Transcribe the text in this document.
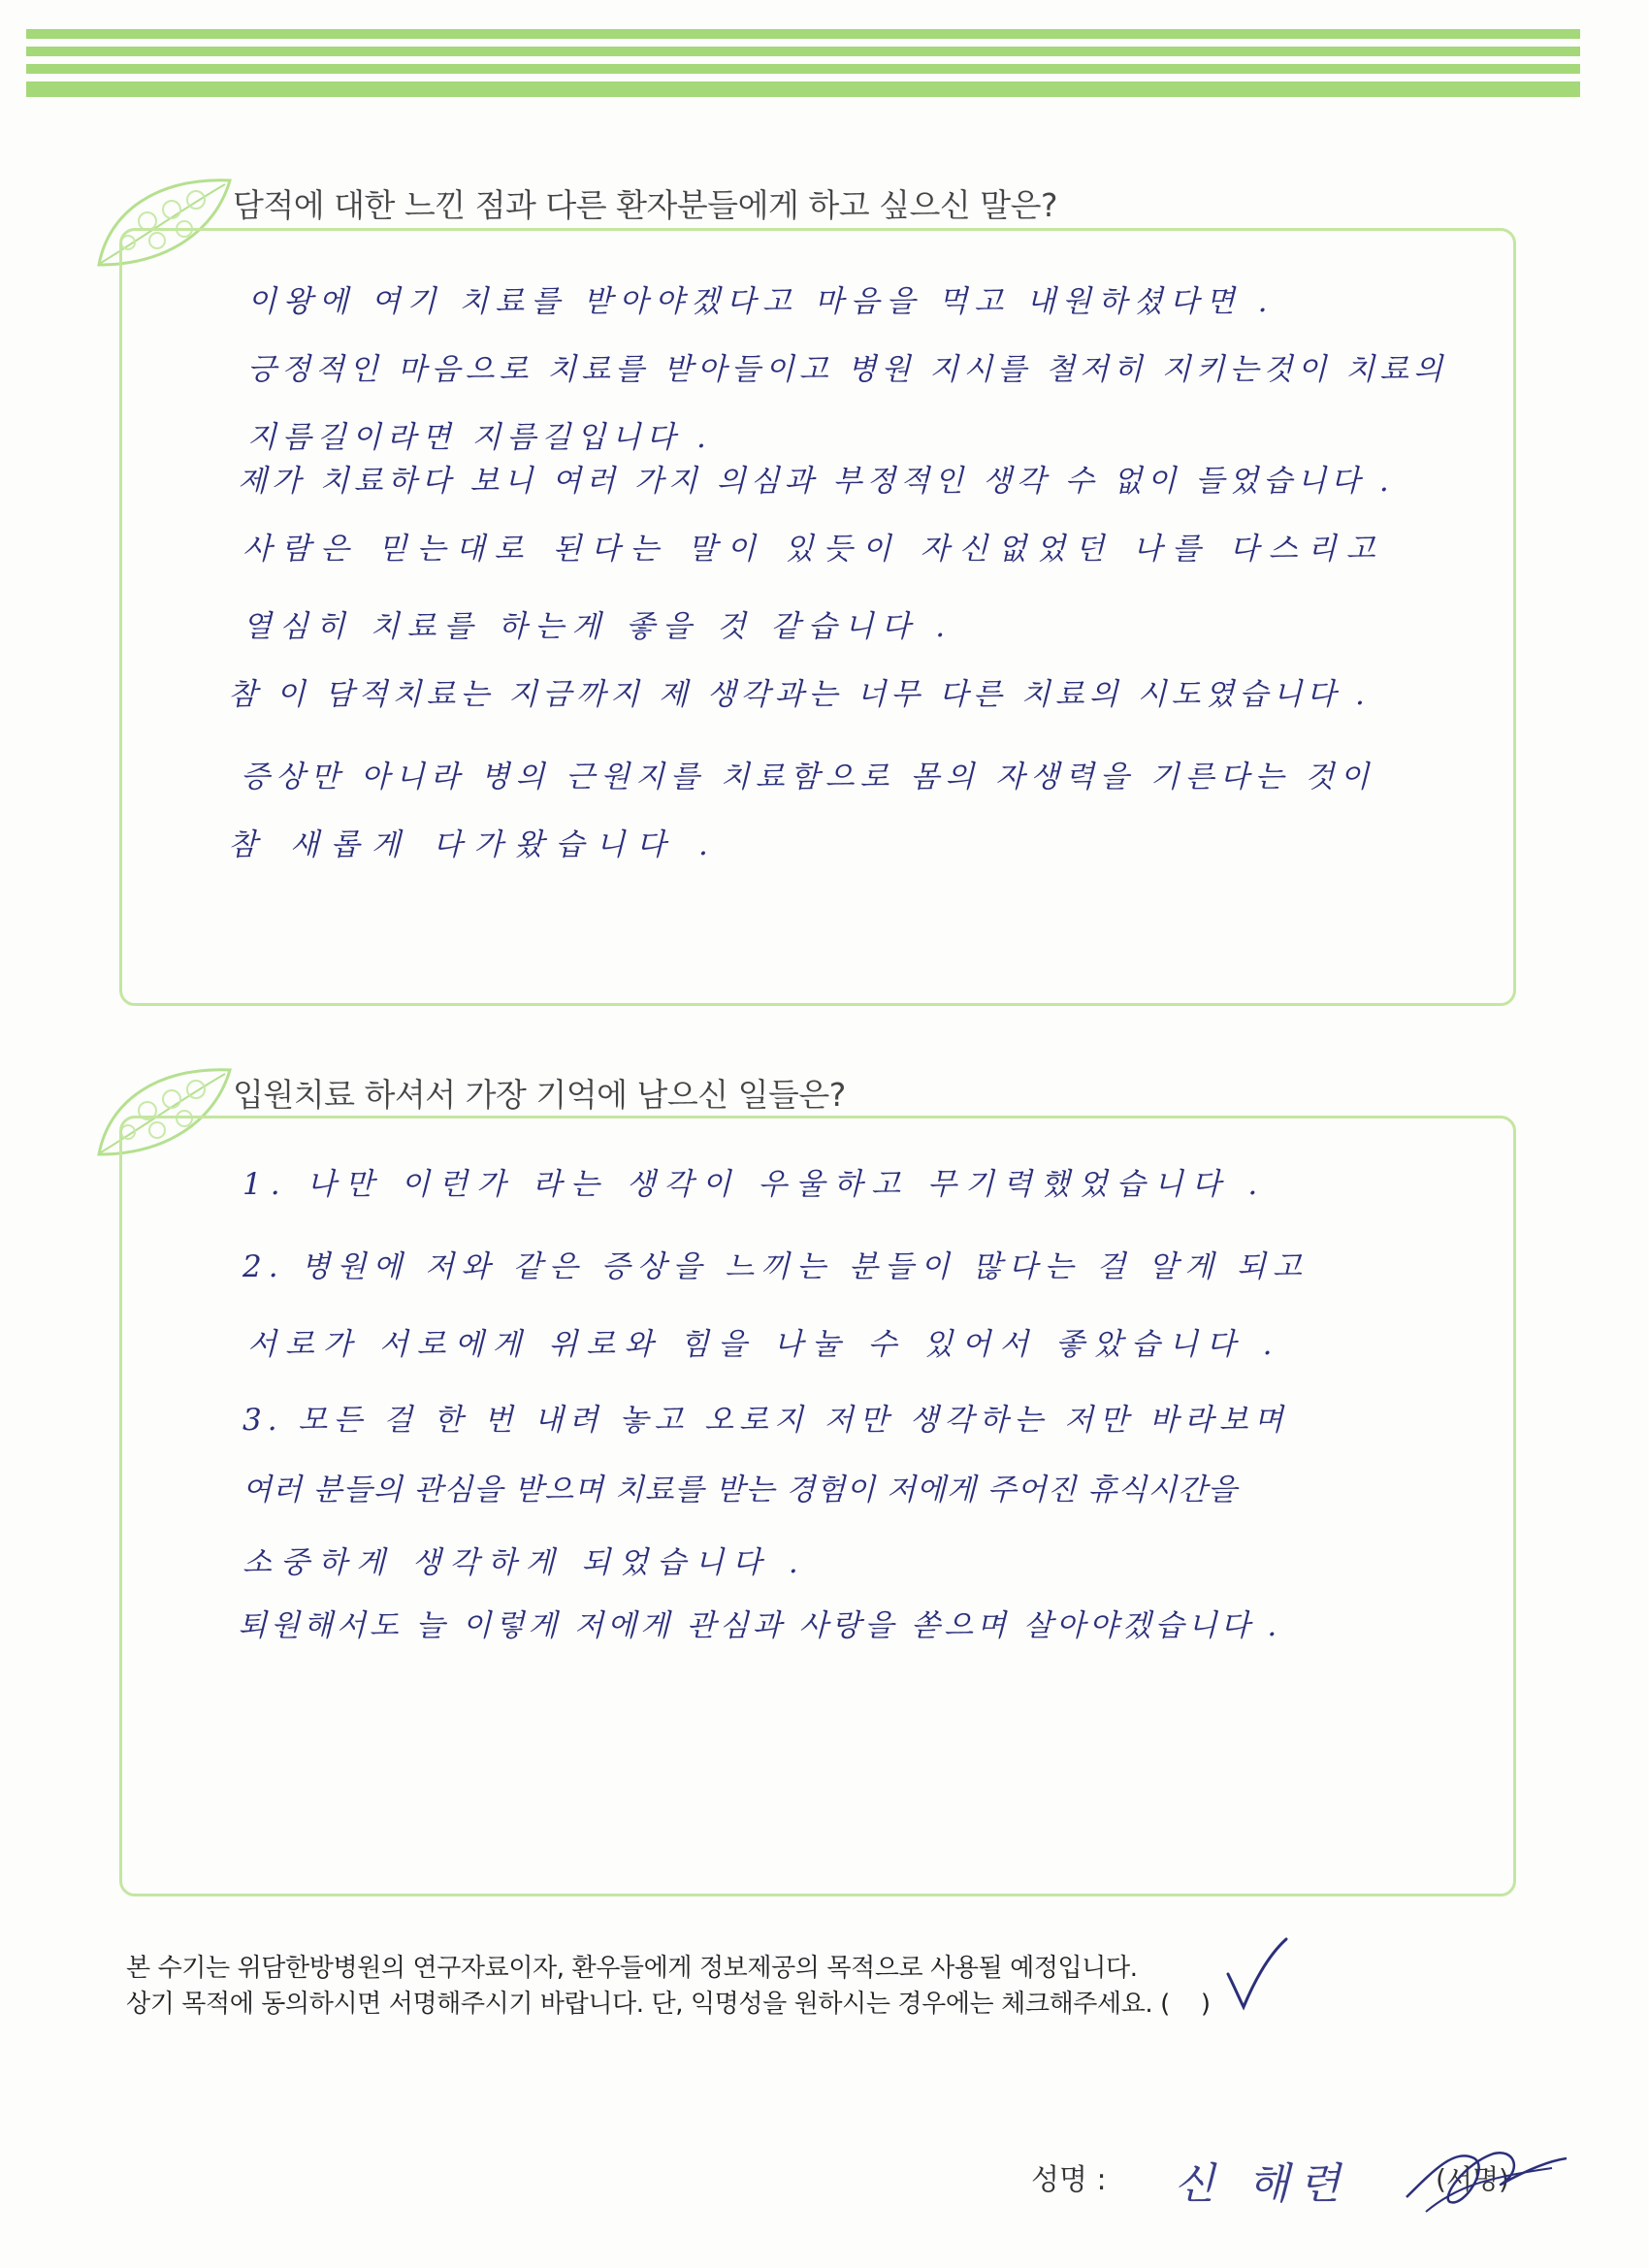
담적에 대한 느낀 점과 다른 환자분들에게 하고 싶으신 말은?
이왕에 여기 치료를 받아야겠다고 마음을 먹고 내원하셨다면 .
긍정적인 마음으로 치료를 받아들이고 병원 지시를 철저히 지키는것이 치료의
지름길이라면 지름길입니다 .
제가 치료하다 보니 여러 가지 의심과 부정적인 생각 수 없이 들었습니다 .
사람은 믿는대로 된다는 말이 있듯이 자신없었던 나를 다스리고
열심히 치료를 하는게 좋을 것 같습니다 .
참 이 담적치료는 지금까지 제 생각과는 너무 다른 치료의 시도였습니다 .
증상만 아니라 병의 근원지를 치료함으로 몸의 자생력을 기른다는 것이
참 새롭게 다가왔습니다 .
입원치료 하셔서 가장 기억에 남으신 일들은?
1. 나만 이런가 라는 생각이 우울하고 무기력했었습니다 .
2. 병원에 저와 같은 증상을 느끼는 분들이 많다는 걸 알게 되고
서로가 서로에게 위로와 힘을 나눌 수 있어서 좋았습니다 .
3. 모든 걸 한 번 내려 놓고 오로지 저만 생각하는 저만 바라보며
여러 분들의 관심을 받으며 치료를 받는 경험이 저에게 주어진 휴식시간을
소중하게 생각하게 되었습니다 .
퇴원해서도 늘 이렇게 저에게 관심과 사랑을 쏟으며 살아야겠습니다 .
본 수기는 위담한방병원의 연구자료이자, 환우들에게 정보제공의 목적으로 사용될 예정입니다.
상기 목적에 동의하시면 서명해주시기 바랍니다. 단, 익명성을 원하시는 경우에는 체크해주세요. ( )
성명 : 신 해련	(서명)
